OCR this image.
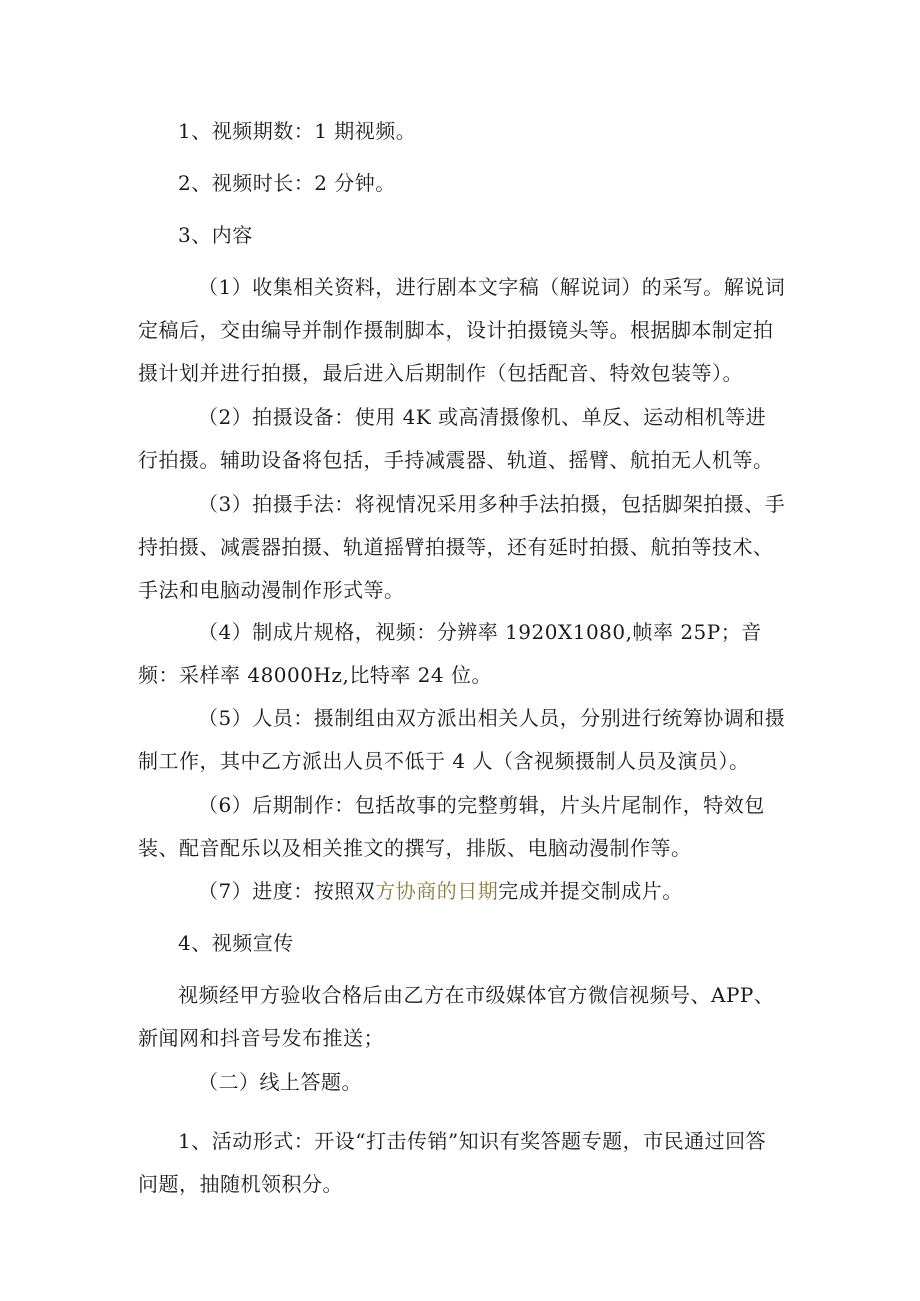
1、视频期数：1 期视频。

2、视频时长：2 分钟。

3、内容

（1）收集相关资料，进行剧本文字稿（解说词）的采写。解说词定稿后，交由编导并制作摄制脚本，设计拍摄镜头等。根据脚本制定拍摄计划并进行拍摄，最后进入后期制作（包括配音、特效包装等）。

（2）拍摄设备：使用 4K 或高清摄像机、单反、运动相机等进行拍摄。辅助设备将包括，手持减震器、轨道、摇臂、航拍无人机等。

（3）拍摄手法：将视情况采用多种手法拍摄，包括脚架拍摄、手持拍摄、减震器拍摄、轨道摇臂拍摄等，还有延时拍摄、航拍等技术、手法和电脑动漫制作形式等。

（4）制成片规格，视频：分辨率 1920X1080,帧率 25P；音频：采样率 48000Hz,比特率 24 位。

（5）人员：摄制组由双方派出相关人员，分别进行统筹协调和摄制工作，其中乙方派出人员不低于 4 人（含视频摄制人员及演员）。

（6）后期制作：包括故事的完整剪辑，片头片尾制作，特效包装、配音配乐以及相关推文的撰写，排版、电脑动漫制作等。

（7）进度：按照双方协商的日期完成并提交制成片。

4、视频宣传

视频经甲方验收合格后由乙方在市级媒体官方微信视频号、APP、新闻网和抖音号发布推送；

（二）线上答题。

1、活动形式：开设“打击传销”知识有奖答题专题，市民通过回答问题，抽随机领积分。
